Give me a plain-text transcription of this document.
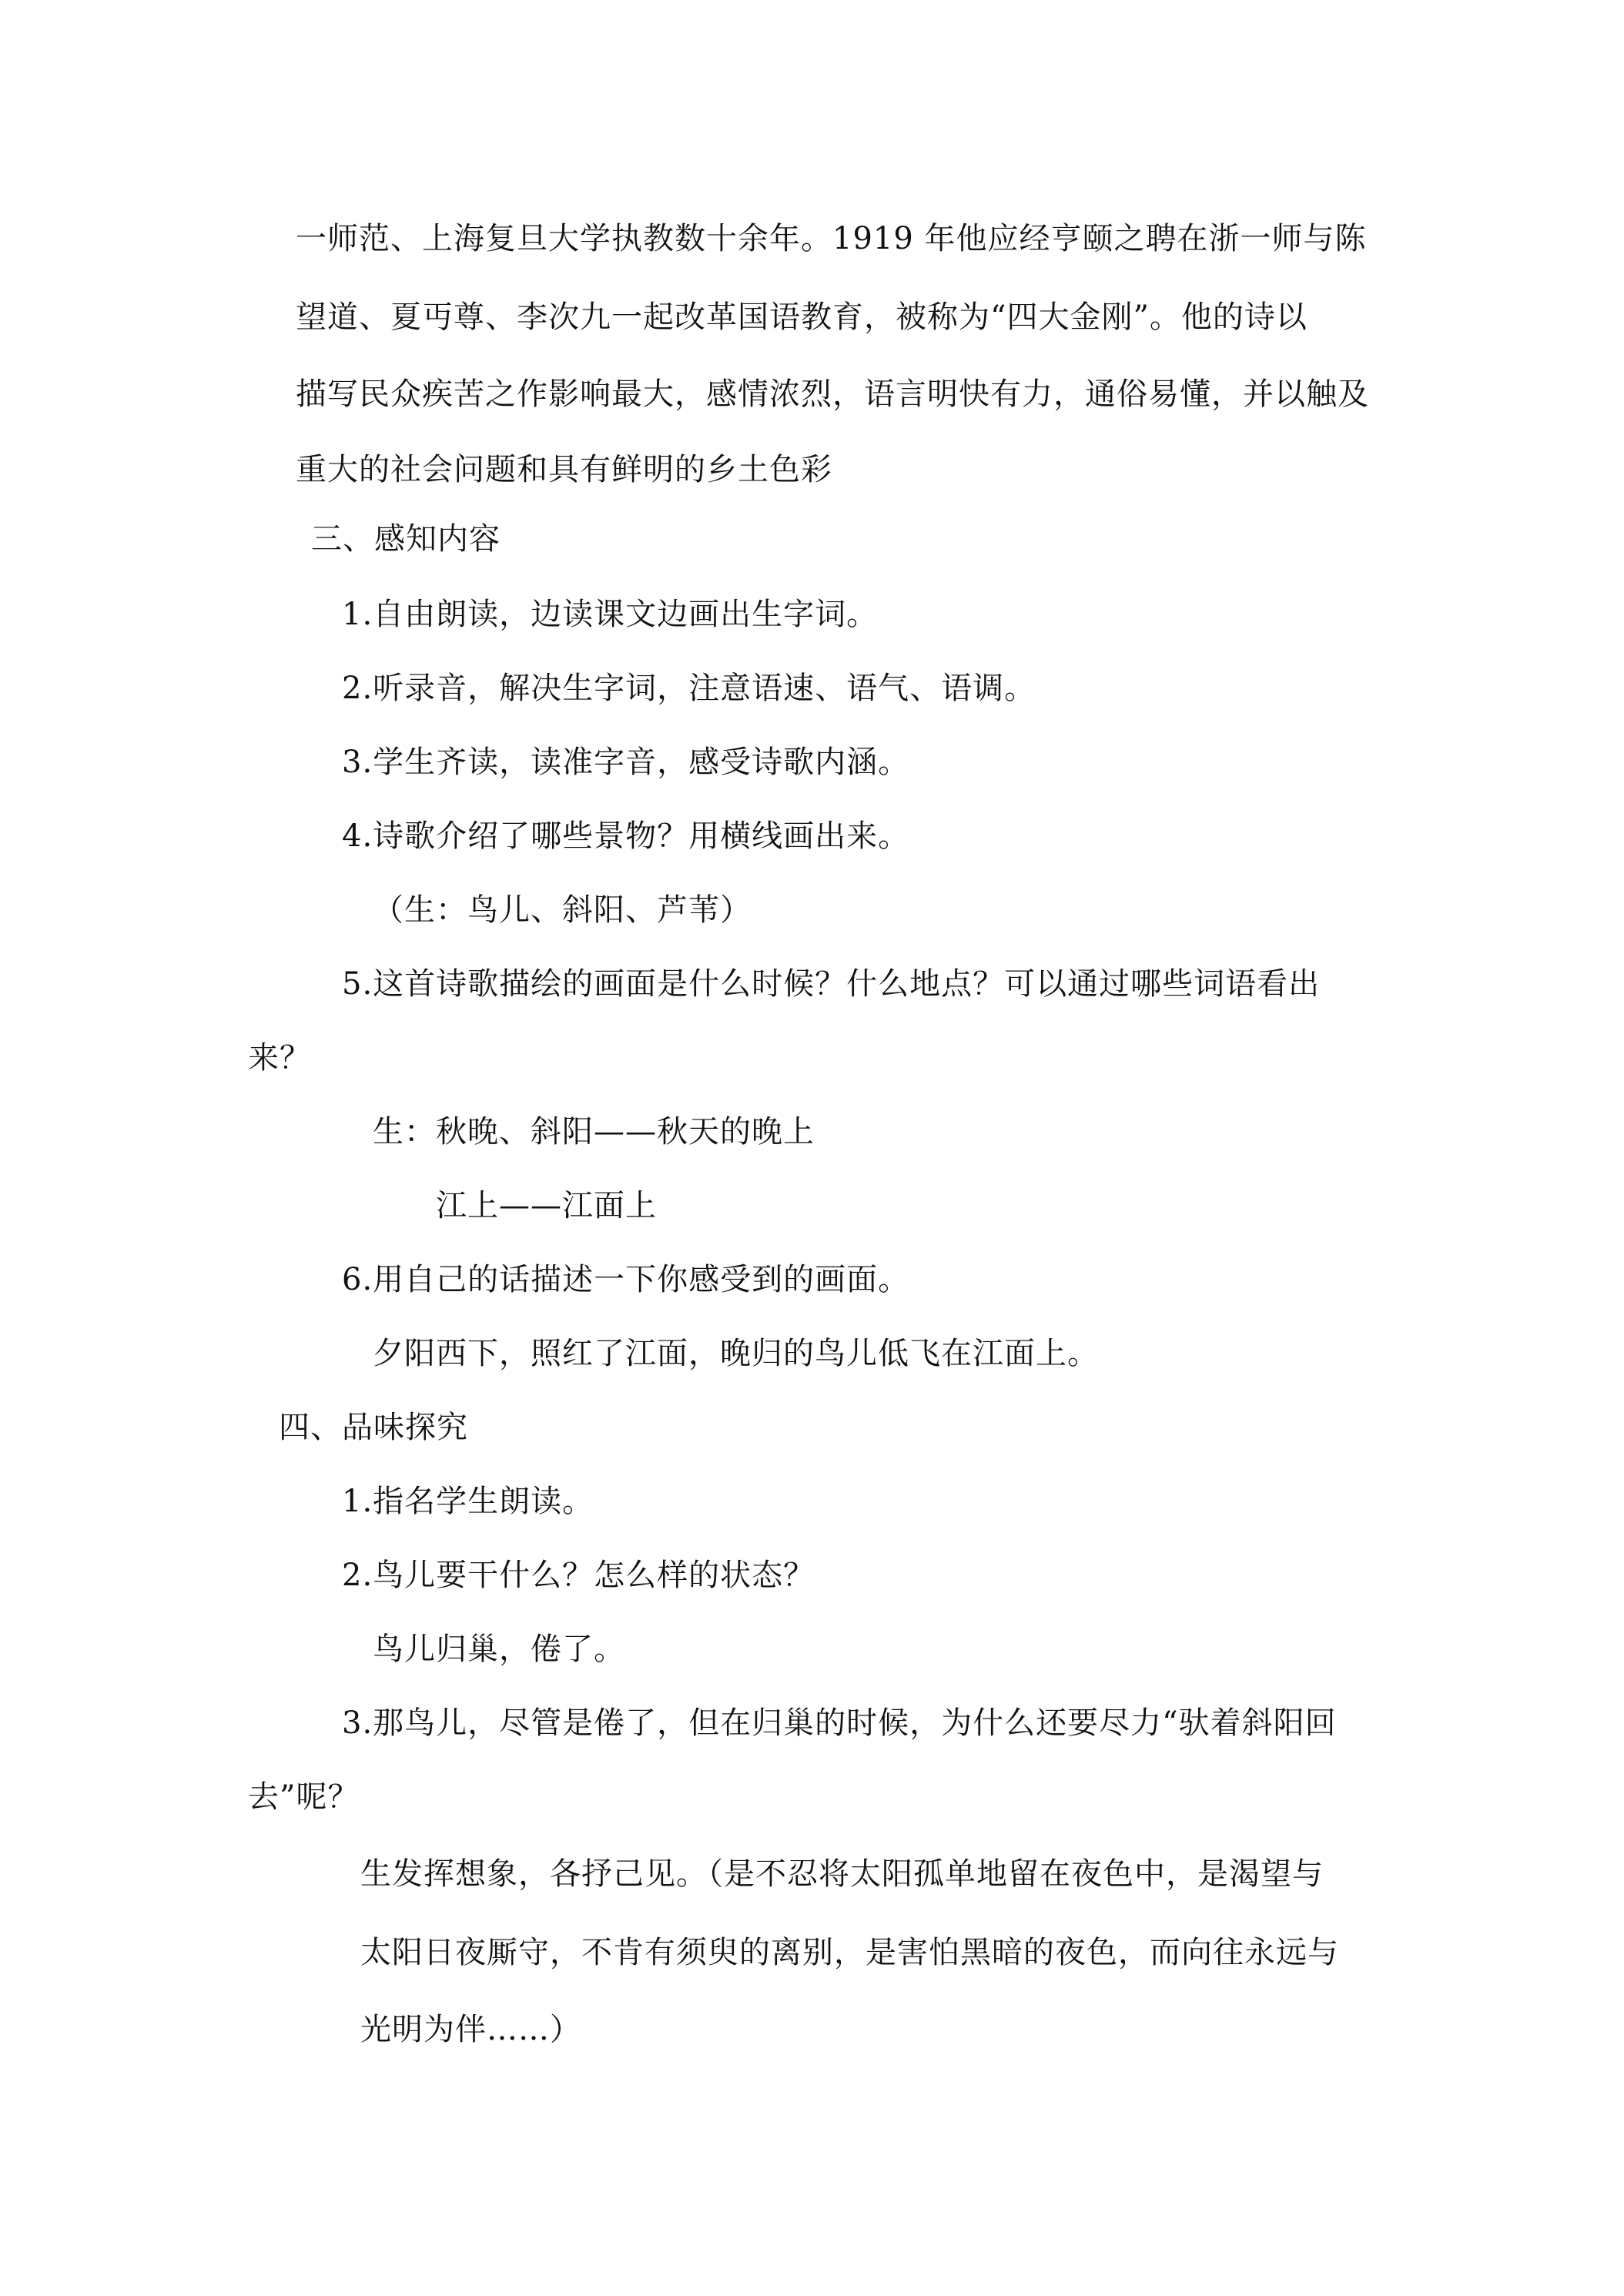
一师范、上海复旦大学执教数十余年。1919 年他应经亨颐之聘在浙一师与陈
望道、夏丏尊、李次九一起改革国语教育，被称为“四大金刚”。他的诗以
描写民众疾苦之作影响最大，感情浓烈，语言明快有力，通俗易懂，并以触及
重大的社会问题和具有鲜明的乡土色彩
三、感知内容
1.自由朗读，边读课文边画出生字词。
2.听录音，解决生字词，注意语速、语气、语调。
3.学生齐读，读准字音，感受诗歌内涵。
4.诗歌介绍了哪些景物？用横线画出来。
（生：鸟儿、斜阳、芦苇）
5.这首诗歌描绘的画面是什么时候？什么地点？可以通过哪些词语看出
来？
生：秋晚、斜阳——秋天的晚上
江上——江面上
6.用自己的话描述一下你感受到的画面。
夕阳西下，照红了江面，晚归的鸟儿低飞在江面上。
四、品味探究
1.指名学生朗读。
2.鸟儿要干什么？怎么样的状态？
鸟儿归巢，倦了。
3.那鸟儿，尽管是倦了，但在归巢的时候，为什么还要尽力“驮着斜阳回
去”呢？
生发挥想象，各抒己见。（是不忍将太阳孤单地留在夜色中，是渴望与
太阳日夜厮守，不肯有须臾的离别，是害怕黑暗的夜色，而向往永远与
光明为伴……）
